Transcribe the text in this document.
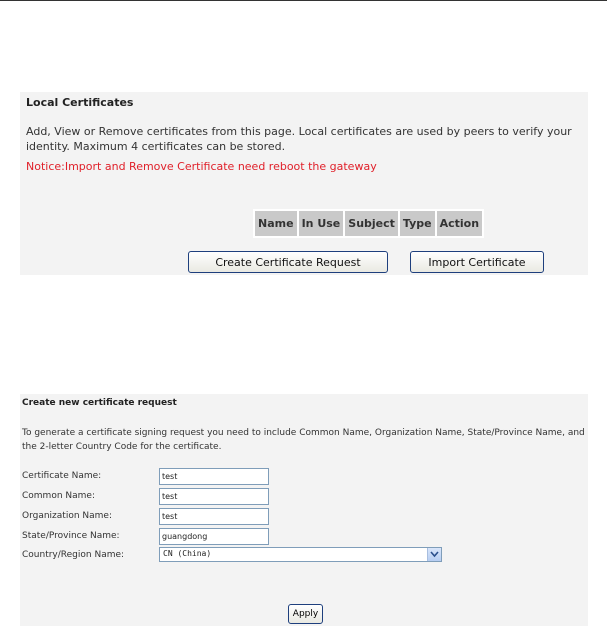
Local Certificates
Add, View or Remove certificates from this page. Local certificates are used by peers to verify your identity. Maximum 4 certificates can be stored.
Notice:Import and Remove Certificate need reboot the gateway
Name	In Use	Subject	Type	Action
Create Certificate Request	Import Certificate
Create new certificate request
To generate a certificate signing request you need to include Common Name, Organization Name, State/Province Name, and the 2-letter Country Code for the certificate.
Certificate Name:
test
Common Name:
test
Organization Name:
test
State/Province Name:
guangdong
Country/Region Name:	CN (China)
Apply
